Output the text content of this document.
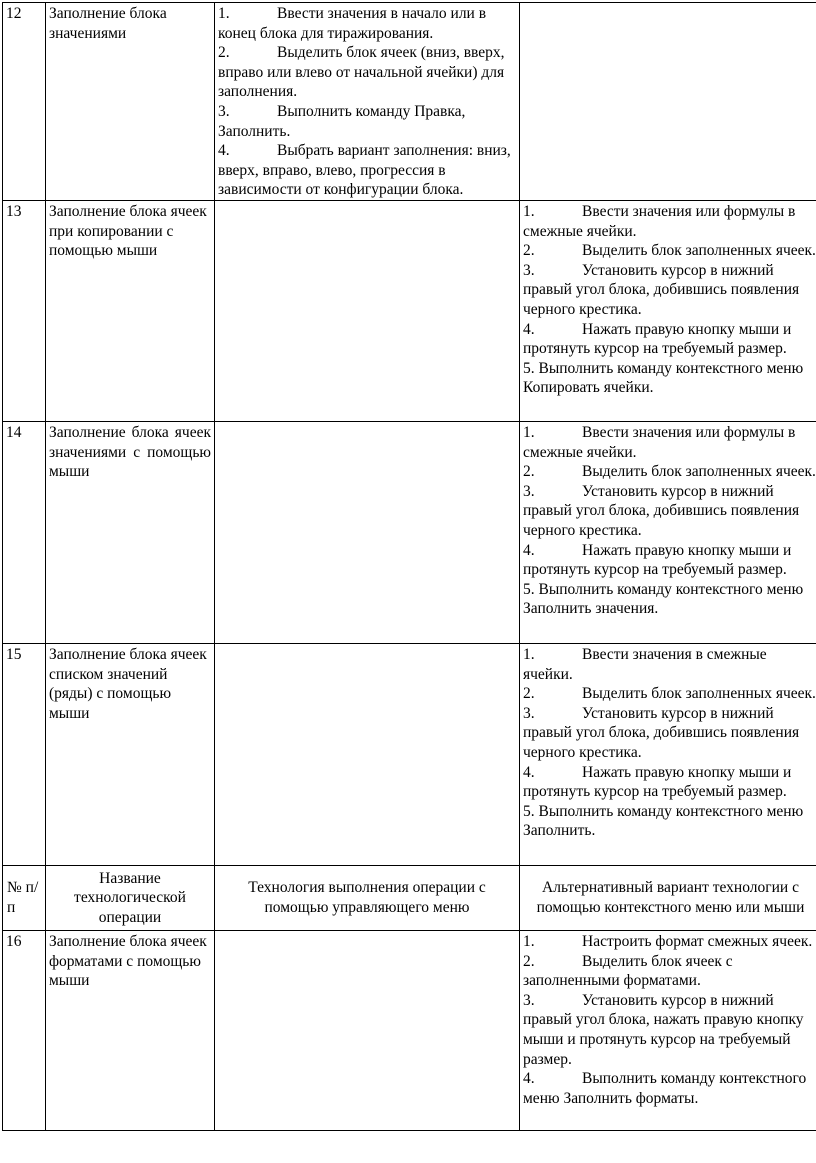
12	Заполнение блока значениями	1. Ввести значения в начало или в конец блока для тиражирования.
2. Выделить блок ячеек (вниз, вверх, вправо или влево от начальной ячейки) для заполнения.
3. Выполнить команду Правка, Заполнить.
4. Выбрать вариант заполнения: вниз, вверх, вправо, влево, прогрессия в зависимости от конфигурации блока.	

13	Заполнение блока ячеек при копировании с помощью мыши		1. Ввести значения или формулы в смежные ячейки.
2. Выделить блок заполненных ячеек.
3. Установить курсор в нижний правый угол блока, добившись появления черного крестика.
4. Нажать правую кнопку мыши и протянуть курсор на требуемый размер.
5. Выполнить команду контекстного меню Копировать ячейки.

14	Заполнение блока ячеек значениями с помощью мыши		1. Ввести значения или формулы в смежные ячейки.
2. Выделить блок заполненных ячеек.
3. Установить курсор в нижний правый угол блока, добившись появления черного крестика.
4. Нажать правую кнопку мыши и протянуть курсор на требуемый размер.
5. Выполнить команду контекстного меню Заполнить значения.

15	Заполнение блока ячеек списком значений (ряды) с помощью мыши		1. Ввести значения в смежные ячейки.
2. Выделить блок заполненных ячеек.
3. Установить курсор в нижний правый угол блока, добившись появления черного крестика.
4. Нажать правую кнопку мыши и протянуть курсор на требуемый размер.
5. Выполнить команду контекстного меню Заполнить.

№ п/п	Название технологической операции	Технология выполнения операции с помощью управляющего меню	Альтернативный вариант технологии с помощью контекстного меню или мыши
16	Заполнение блока ячеек форматами с помощью мыши		1. Настроить формат смежных ячеек.
2. Выделить блок ячеек с заполненными форматами.
3. Установить курсор в нижний правый угол блока, нажать правую кнопку мыши и протянуть курсор на требуемый размер.
4. Выполнить команду контекстного меню Заполнить форматы.
